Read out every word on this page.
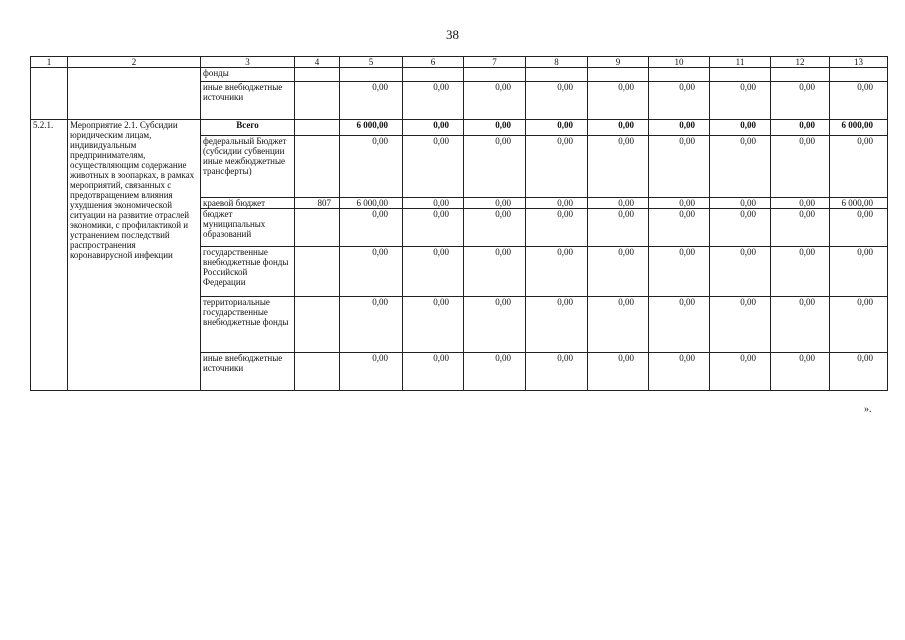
38
1	2	3	4	5	6	7	8	9	10	11	12	13
		фонды										
		иные внебюджетные источники		0,00	0,00	0,00	0,00	0,00	0,00	0,00	0,00	0,00
5.2.1.	Мероприятие 2.1. Субсидии юридическим лицам, индивидуальным предпринимателям, осуществляющим содержание животных в зоопарках, в рамках мероприятий, связанных с предотвращением влияния ухудшения экономической ситуации на развитие отраслей экономики, с профилактикой и устранением последствий распространения коронавирусной инфекции	Всего		6 000,00	0,00	0,00	0,00	0,00	0,00	0,00	0,00	6 000,00
		федеральный Бюджет (субсидии субвенции иные межбюджетные трансферты)		0,00	0,00	0,00	0,00	0,00	0,00	0,00	0,00	0,00
		краевой бюджет	807	6 000,00	0,00	0,00	0,00	0,00	0,00	0,00	0,00	6 000,00
		бюджет муниципальных образований		0,00	0,00	0,00	0,00	0,00	0,00	0,00	0,00	0,00
		государственные внебюджетные фонды Российской Федерации		0,00	0,00	0,00	0,00	0,00	0,00	0,00	0,00	0,00
		территориальные государственные внебюджетные фонды		0,00	0,00	0,00	0,00	0,00	0,00	0,00	0,00	0,00
		иные внебюджетные источники		0,00	0,00	0,00	0,00	0,00	0,00	0,00	0,00	0,00
».
